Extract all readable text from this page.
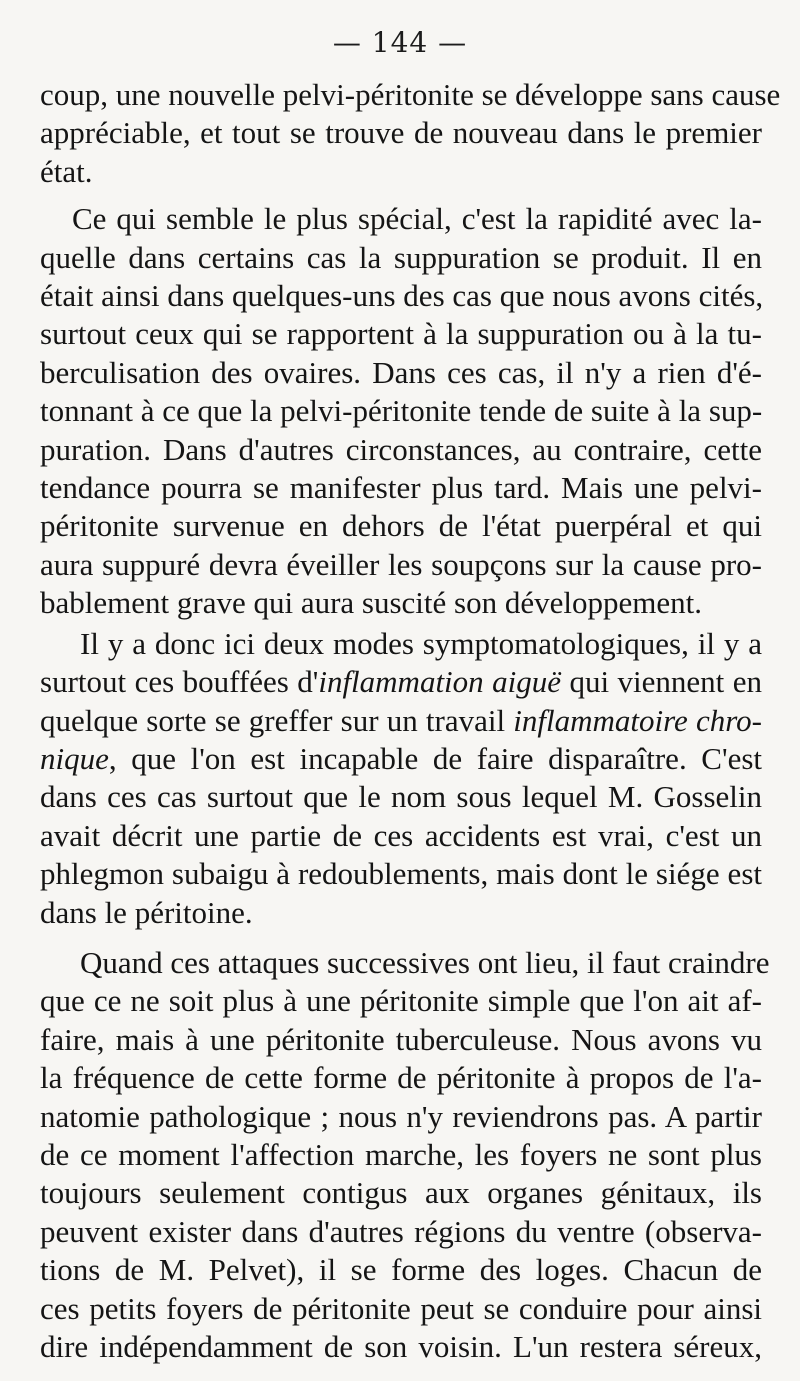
— 144 —

coup, une nouvelle pelvi-péritonite se développe sans cause
appréciable, et tout se trouve de nouveau dans le premier
état.

Ce qui semble le plus spécial, c'est la rapidité avec la-
quelle dans certains cas la suppuration se produit. Il en
était ainsi dans quelques-uns des cas que nous avons cités,
surtout ceux qui se rapportent à la suppuration ou à la tu-
berculisation des ovaires. Dans ces cas, il n'y a rien d'é-
tonnant à ce que la pelvi-péritonite tende de suite à la sup-
puration. Dans d'autres circonstances, au contraire, cette
tendance pourra se manifester plus tard. Mais une pelvi-
péritonite survenue en dehors de l'état puerpéral et qui
aura suppuré devra éveiller les soupçons sur la cause pro-
bablement grave qui aura suscité son développement.

Il y a donc ici deux modes symptomatologiques, il y a
surtout ces bouffées d'inflammation aiguë qui viennent en
quelque sorte se greffer sur un travail inflammatoire chro-
nique, que l'on est incapable de faire disparaître. C'est
dans ces cas surtout que le nom sous lequel M. Gosselin
avait décrit une partie de ces accidents est vrai, c'est un
phlegmon subaigu à redoublements, mais dont le siége est
dans le péritoine.

Quand ces attaques successives ont lieu, il faut craindre
que ce ne soit plus à une péritonite simple que l'on ait af-
faire, mais à une péritonite tuberculeuse. Nous avons vu
la fréquence de cette forme de péritonite à propos de l'a-
natomie pathologique ; nous n'y reviendrons pas. A partir
de ce moment l'affection marche, les foyers ne sont plus
toujours seulement contigus aux organes génitaux, ils
peuvent exister dans d'autres régions du ventre (observa-
tions de M. Pelvet), il se forme des loges. Chacun de
ces petits foyers de péritonite peut se conduire pour ainsi
dire indépendamment de son voisin. L'un restera séreux,
